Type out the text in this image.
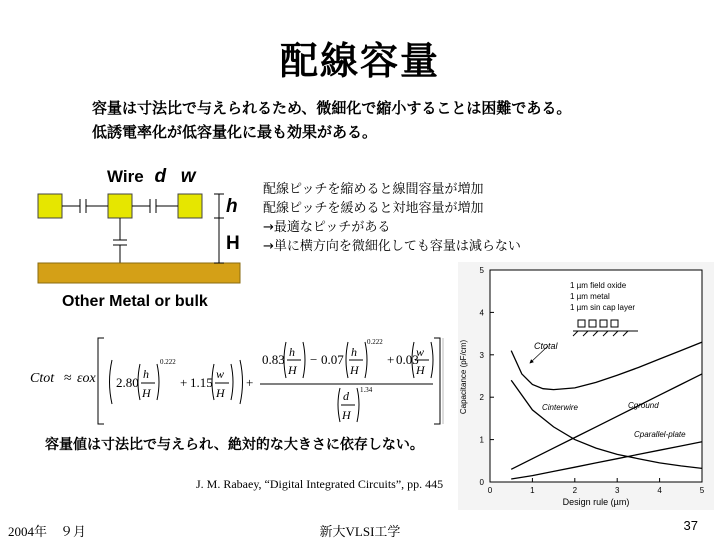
配線容量
容量は寸法比で与えられるため、微細化で縮小することは困難である。
低誘電率化が低容量化に最も効果がある。
Wire d w
h
H
Other Metal or bulk
配線ピッチを縮めると線間容量が増加
配線ピッチを緩めると対地容量が増加
→最適なピッチがある
→単に横方向を微細化しても容量は減らない
Ctot ≈ εox 2.80
h
H
0.222
+ 1.15
w
H
+
0.83 h
H
− 0.07 h
H
0.222
+ 0.03
w
H
d
H
1.34
容量値は寸法比で与えられ、絶対的な大きさに依存しない。
J. M. Rabaey, “Digital Integrated Circuits”, pp. 445	0	1	2	3	4	5
0
1
2
3
4
5
Capacitance (pF/cm)
Design rule (µm)
1 µm field oxide
1 µm metal
1 µm sin cap layer
Ctotal
Cinterwire	Cground
Cparallel-plate
2004年　９月	新大VLSI工学	37
